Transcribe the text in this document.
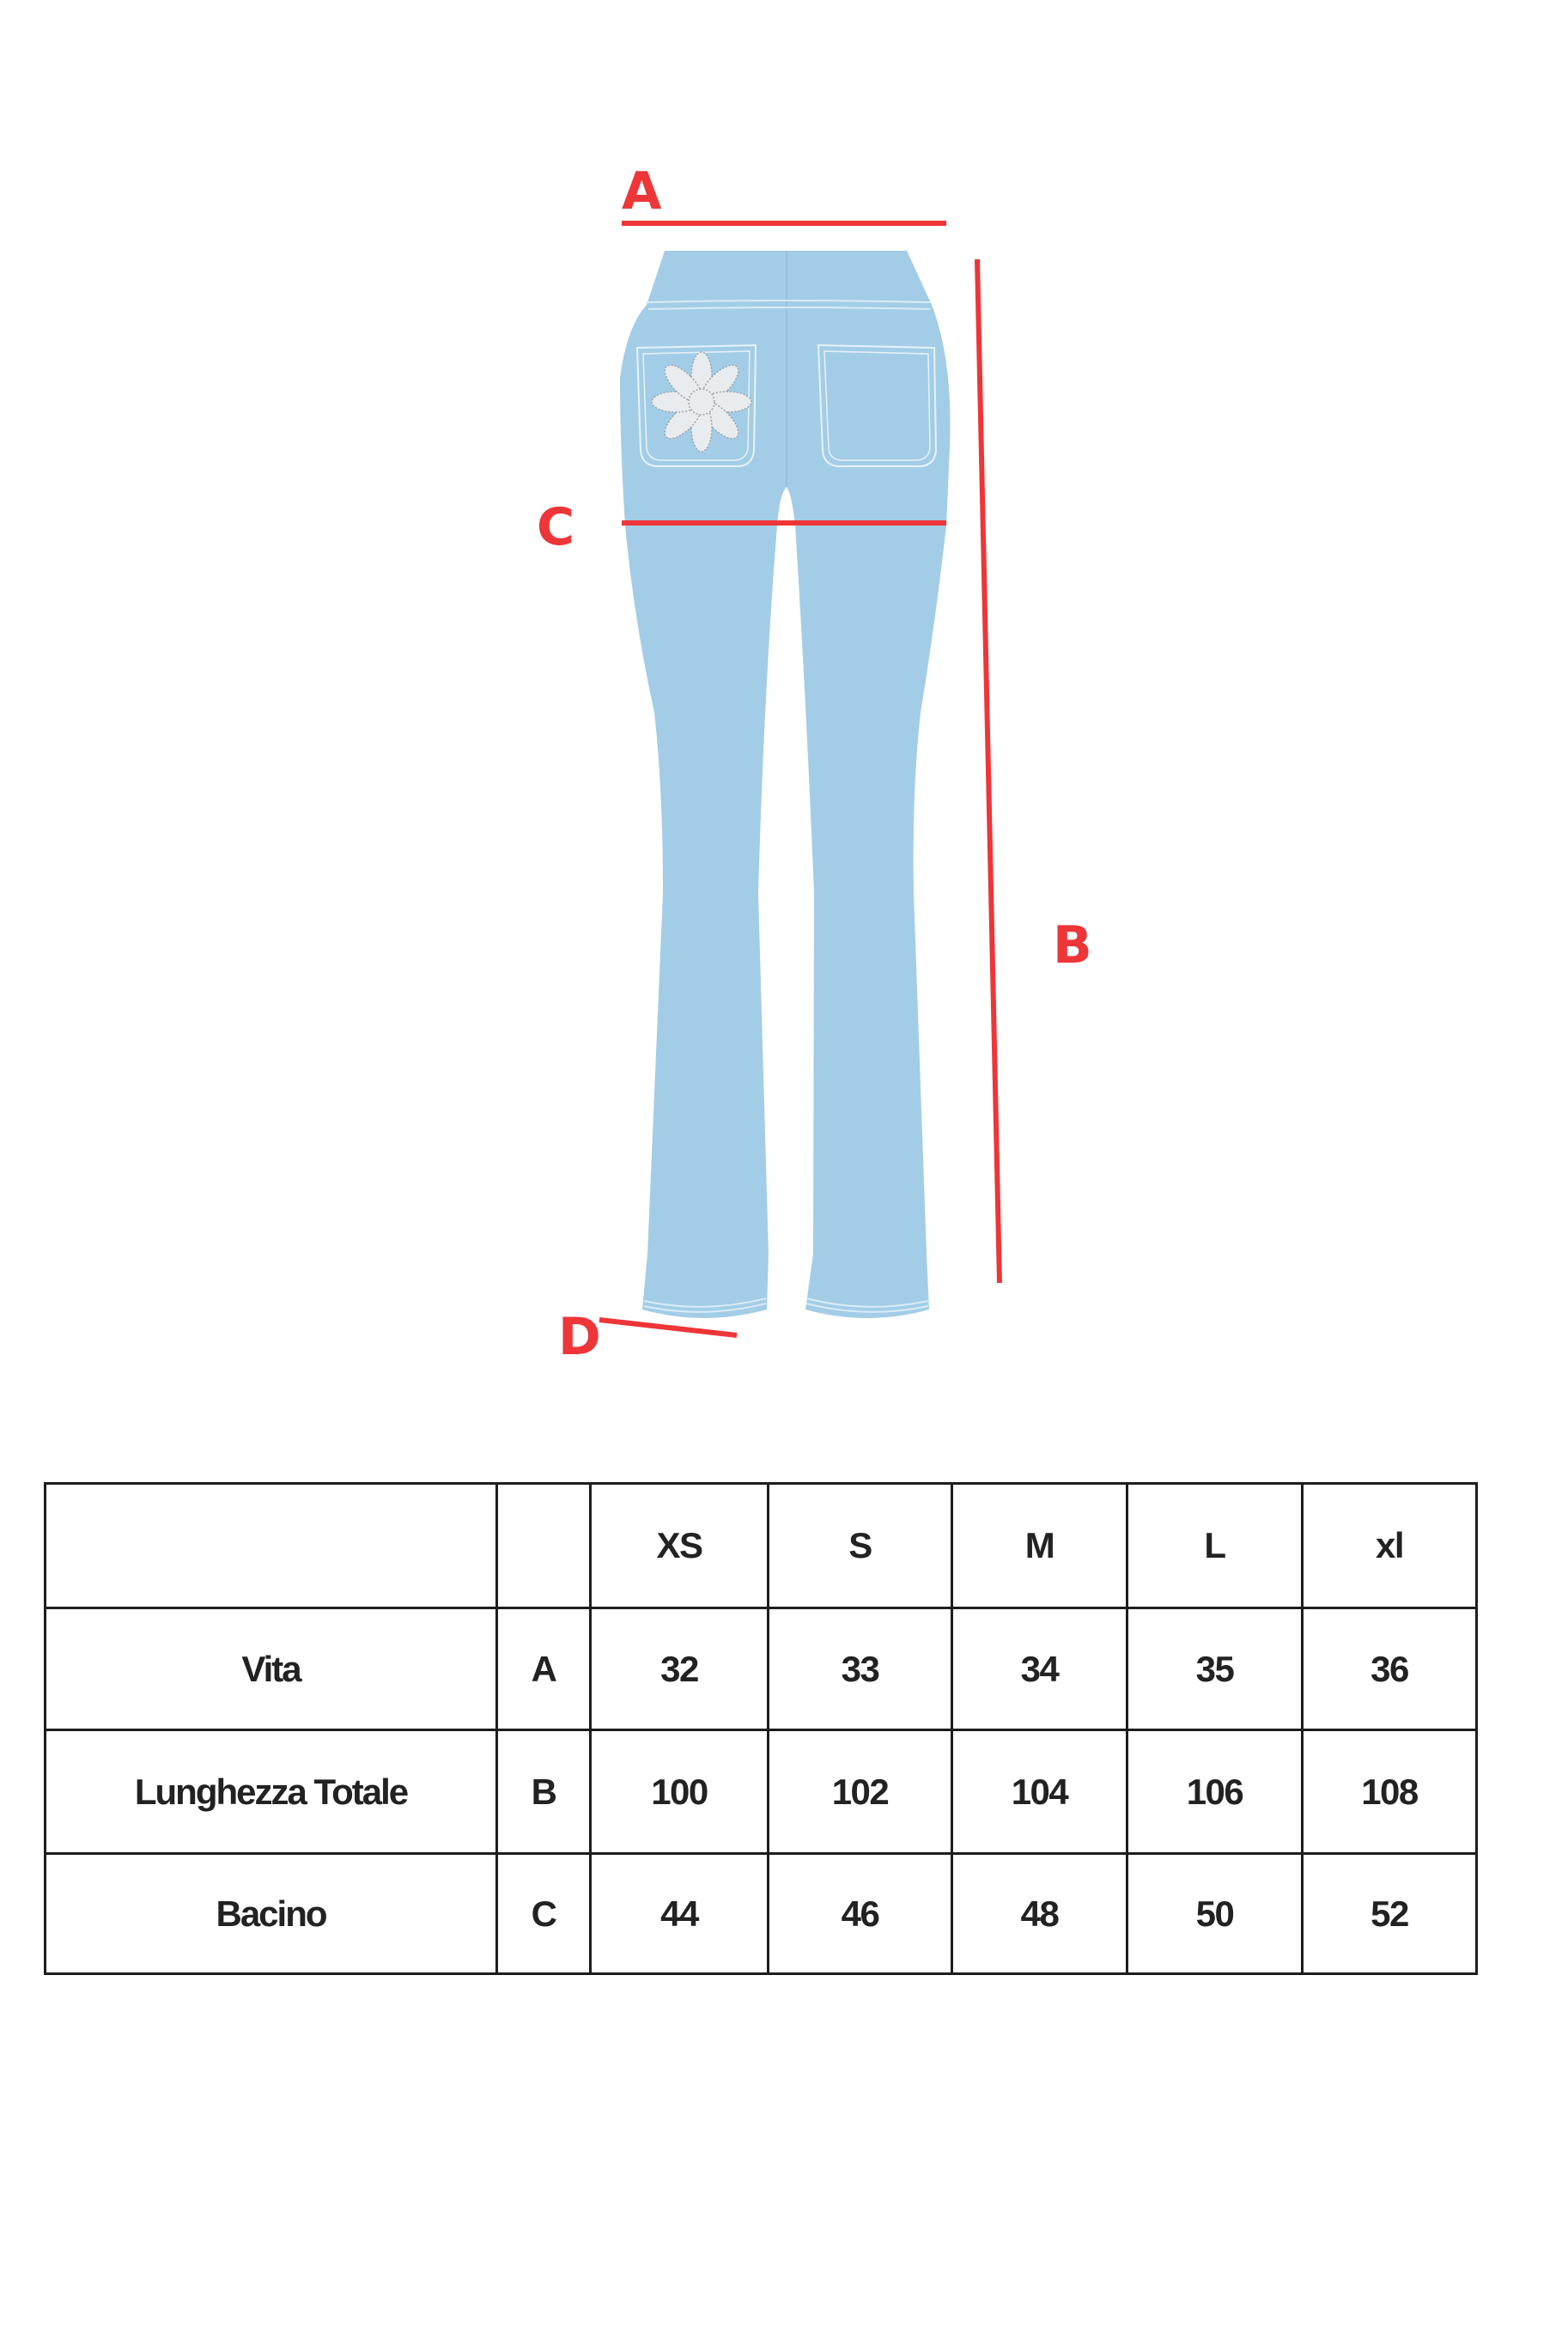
A
B
C
D
		XS	S	M	L	xl
Vita	A	32	33	34	35	36
Lunghezza Totale	B	100	102	104	106	108
Bacino	C	44	46	48	50	52
